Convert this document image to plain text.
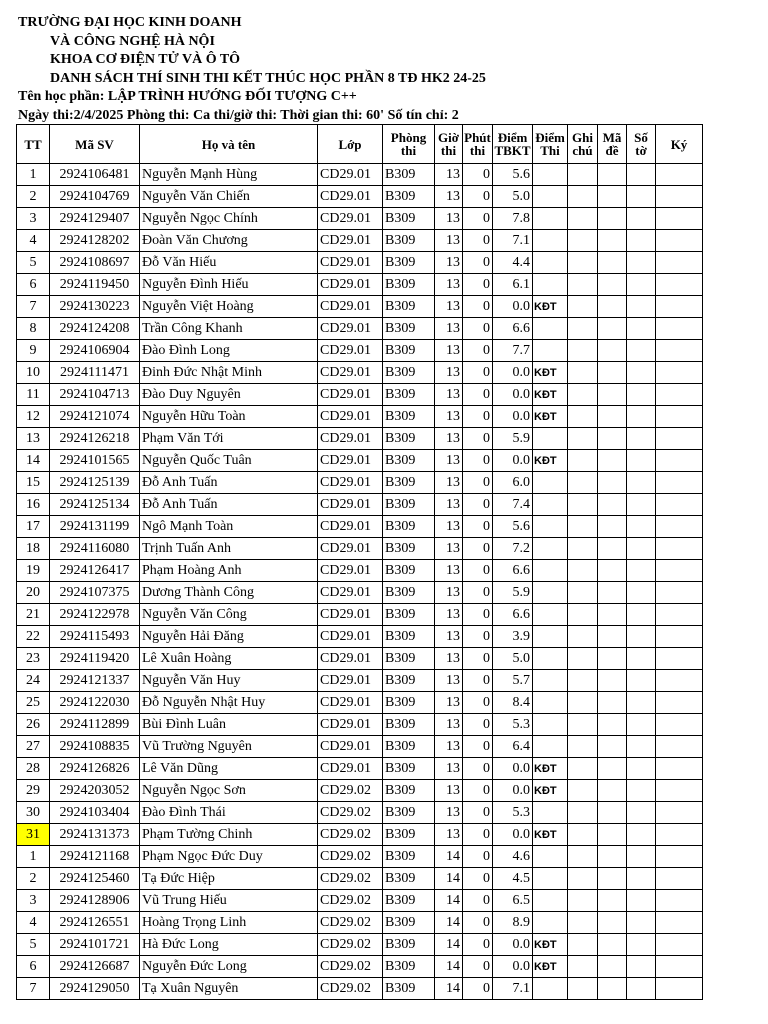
TRƯỜNG ĐẠI HỌC KINH DOANH
VÀ CÔNG NGHỆ HÀ NỘI
KHOA CƠ ĐIỆN TỬ VÀ Ô TÔ
DANH SÁCH THÍ SINH THI KẾT THÚC HỌC PHẦN 8 TĐ HK2 24-25
Tên học phần: LẬP TRÌNH HƯỚNG ĐỐI TƯỢNG C++
Ngày thi:2/4/2025 Phòng thi: Ca thi/giờ thi: Thời gian thi: 60' Số tín chỉ: 2
TT	Mã SV	Họ và tên	Lớp	Phòng thi	Giờ thi	Phút thi	Điểm TBKT	Điểm Thi	Ghi chú	Mã đề	Số tờ	Ký
1	2924106481	Nguyễn Mạnh Hùng	CD29.01	B309	13	0	5.6					
2	2924104769	Nguyễn Văn Chiến	CD29.01	B309	13	0	5.0					
3	2924129407	Nguyễn Ngọc Chính	CD29.01	B309	13	0	7.8					
4	2924128202	Đoàn Văn Chương	CD29.01	B309	13	0	7.1					
5	2924108697	Đỗ Văn Hiếu	CD29.01	B309	13	0	4.4					
6	2924119450	Nguyễn Đình Hiếu	CD29.01	B309	13	0	6.1					
7	2924130223	Nguyễn Việt Hoàng	CD29.01	B309	13	0	0.0	KĐT				
8	2924124208	Trần Công Khanh	CD29.01	B309	13	0	6.6					
9	2924106904	Đào Đình Long	CD29.01	B309	13	0	7.7					
10	2924111471	Đinh Đức Nhật Minh	CD29.01	B309	13	0	0.0	KĐT				
11	2924104713	Đào Duy Nguyên	CD29.01	B309	13	0	0.0	KĐT				
12	2924121074	Nguyễn Hữu Toàn	CD29.01	B309	13	0	0.0	KĐT				
13	2924126218	Phạm Văn Tới	CD29.01	B309	13	0	5.9					
14	2924101565	Nguyễn Quốc Tuân	CD29.01	B309	13	0	0.0	KĐT				
15	2924125139	Đỗ Anh Tuấn	CD29.01	B309	13	0	6.0					
16	2924125134	Đỗ Anh Tuấn	CD29.01	B309	13	0	7.4					
17	2924131199	Ngô Mạnh Toàn	CD29.01	B309	13	0	5.6					
18	2924116080	Trịnh Tuấn Anh	CD29.01	B309	13	0	7.2					
19	2924126417	Phạm Hoàng Anh	CD29.01	B309	13	0	6.6					
20	2924107375	Dương Thành Công	CD29.01	B309	13	0	5.9					
21	2924122978	Nguyễn Văn Công	CD29.01	B309	13	0	6.6					
22	2924115493	Nguyễn Hải Đăng	CD29.01	B309	13	0	3.9					
23	2924119420	Lê Xuân Hoàng	CD29.01	B309	13	0	5.0					
24	2924121337	Nguyễn Văn Huy	CD29.01	B309	13	0	5.7					
25	2924122030	Đỗ Nguyễn Nhật Huy	CD29.01	B309	13	0	8.4					
26	2924112899	Bùi Đình Luân	CD29.01	B309	13	0	5.3					
27	2924108835	Vũ Trường Nguyên	CD29.01	B309	13	0	6.4					
28	2924126826	Lê Văn Dũng	CD29.01	B309	13	0	0.0	KĐT				
29	2924203052	Nguyễn Ngọc Sơn	CD29.02	B309	13	0	0.0	KĐT				
30	2924103404	Đào Đình Thái	CD29.02	B309	13	0	5.3					
31	2924131373	Phạm Tường Chinh	CD29.02	B309	13	0	0.0	KĐT				
1	2924121168	Phạm Ngọc Đức Duy	CD29.02	B309	14	0	4.6					
2	2924125460	Tạ Đức Hiệp	CD29.02	B309	14	0	4.5					
3	2924128906	Vũ Trung Hiếu	CD29.02	B309	14	0	6.5					
4	2924126551	Hoàng Trọng Linh	CD29.02	B309	14	0	8.9					
5	2924101721	Hà Đức Long	CD29.02	B309	14	0	0.0	KĐT				
6	2924126687	Nguyễn Đức Long	CD29.02	B309	14	0	0.0	KĐT				
7	2924129050	Tạ Xuân Nguyên	CD29.02	B309	14	0	7.1					
